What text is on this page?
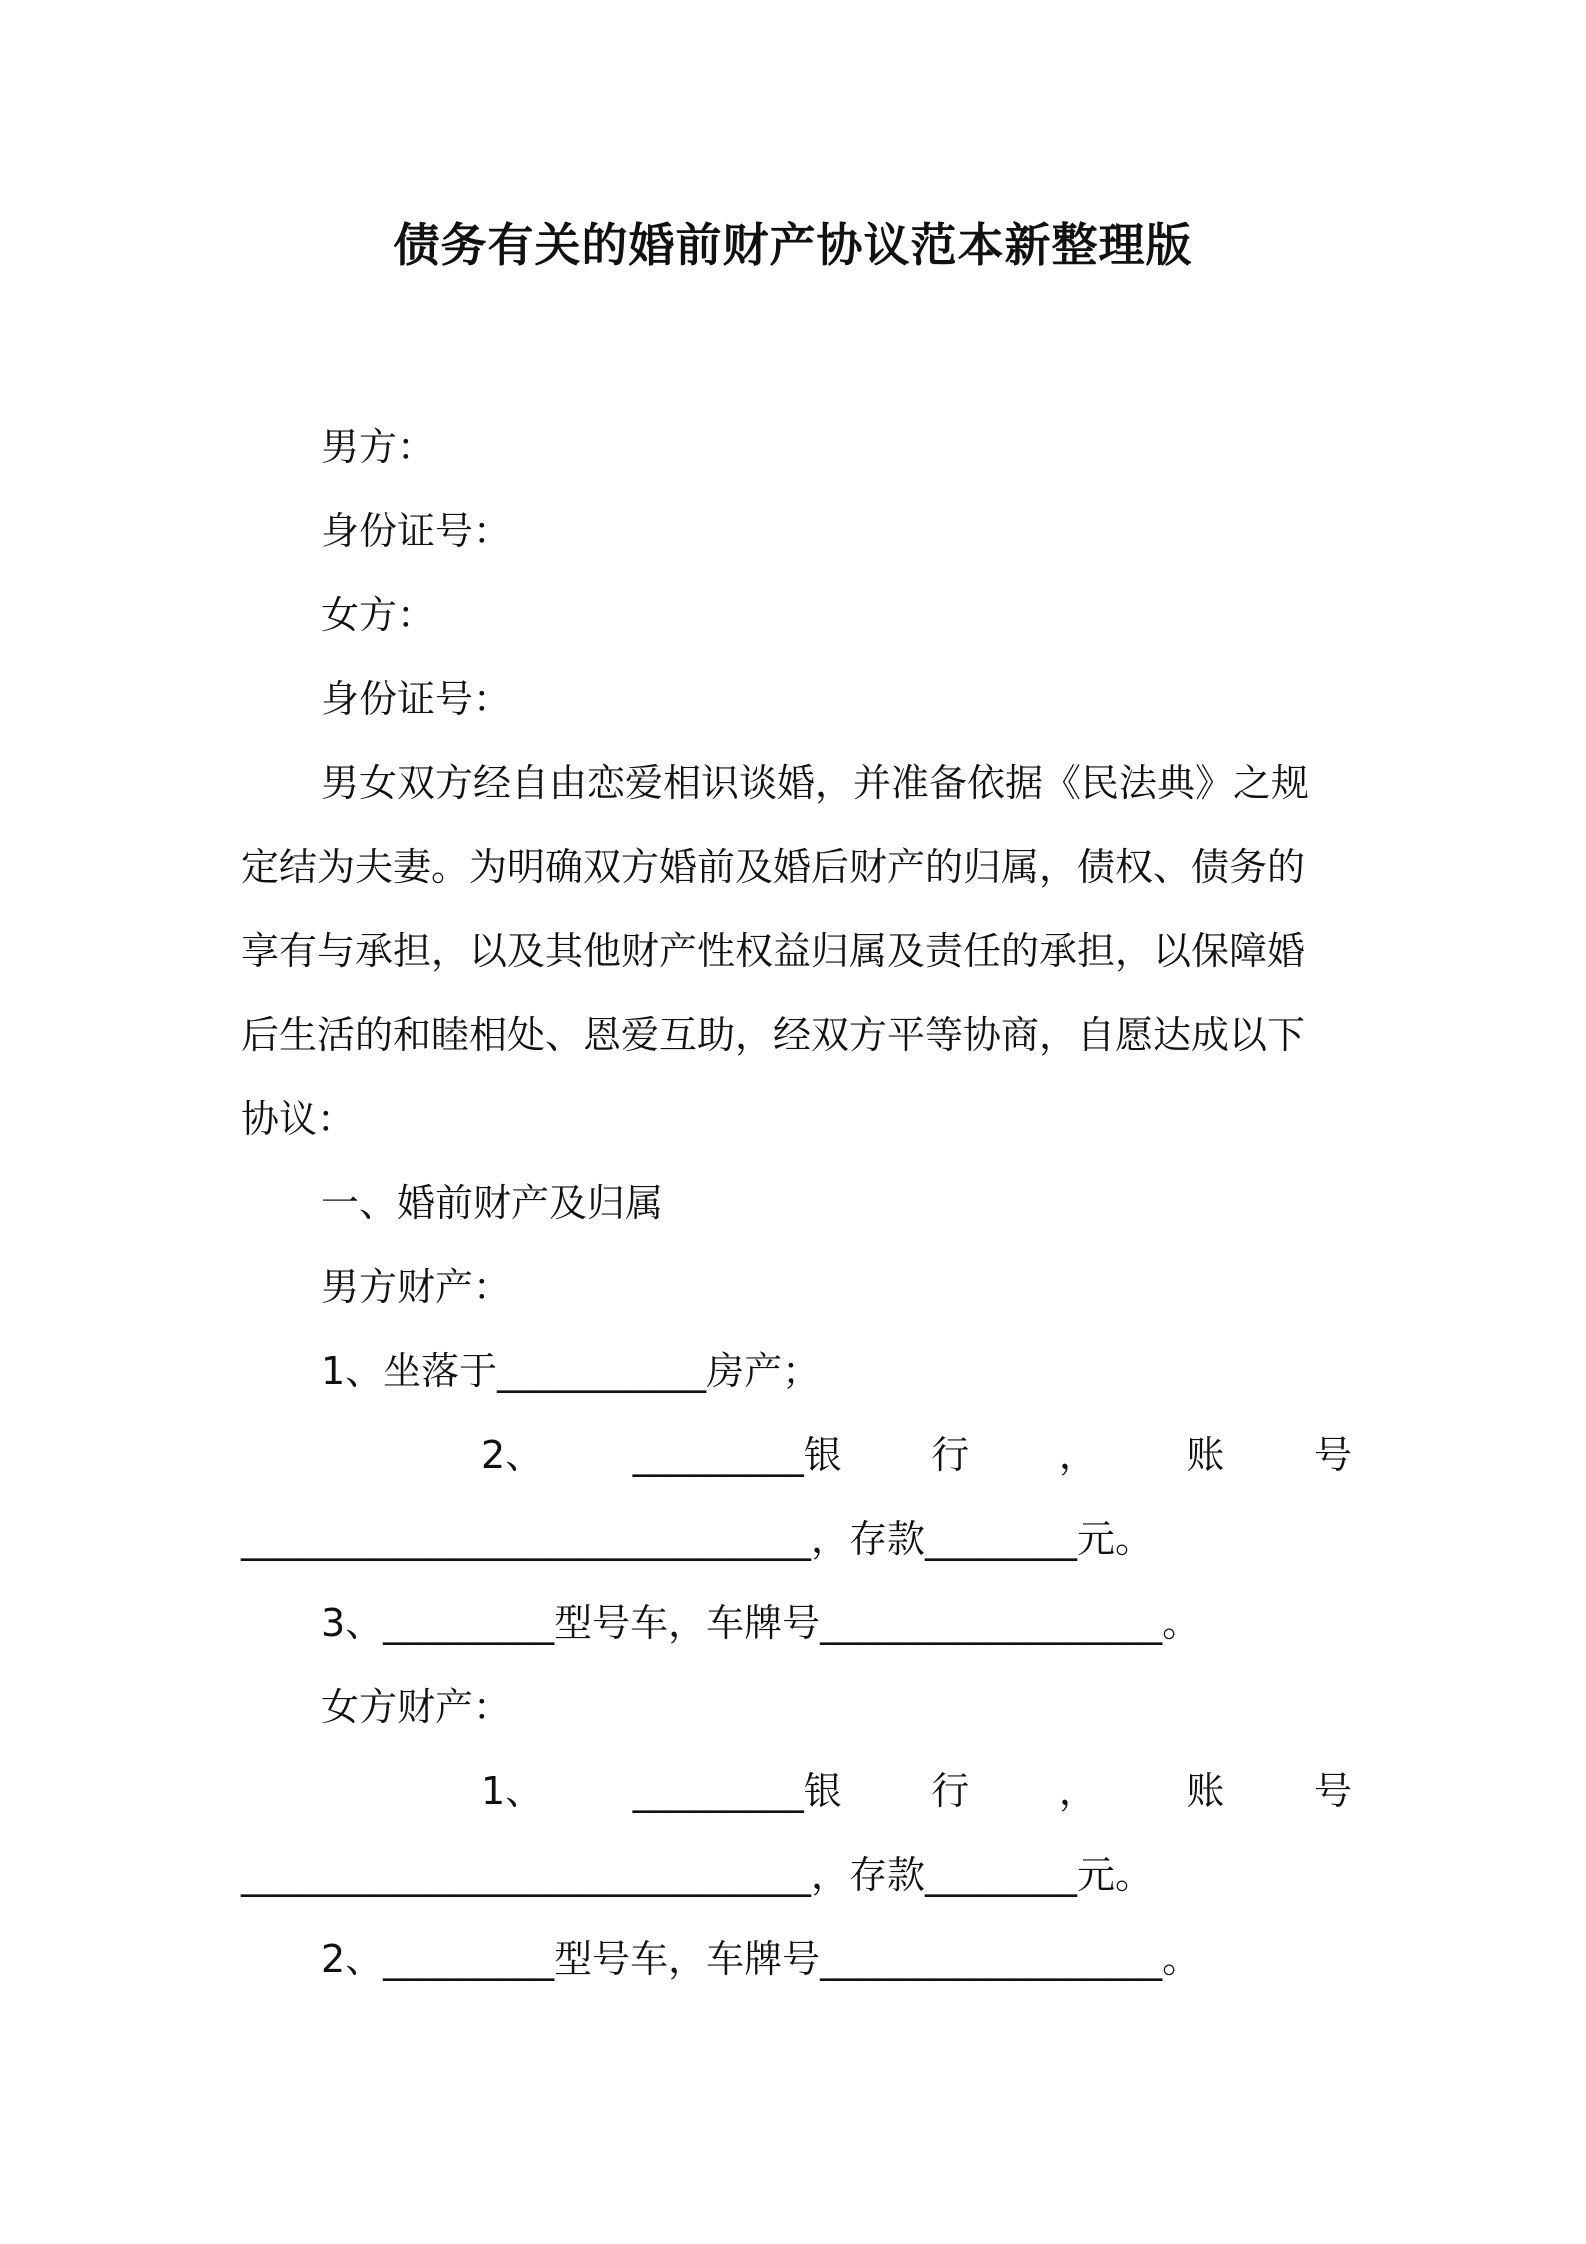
债务有关的婚前财产协议范本新整理版
男方：
身份证号：
女方：
身份证号：
男女双方经自由恋爱相识谈婚，并准备依据《民法典》之规
定结为夫妻。为明确双方婚前及婚后财产的归属，债权、债务的
享有与承担，以及其他财产性权益归属及责任的承担，以保障婚
后生活的和睦相处、恩爱互助，经双方平等协商，自愿达成以下
协议：
一、婚前财产及归属
男方财产：
1、坐落于___________房产；
2、 _________银 行 ， 账 号
______________________________，存款________元。
3、_________型号车，车牌号__________________。
女方财产：
1、 _________银 行 ， 账 号
______________________________，存款________元。
2、_________型号车，车牌号__________________。
